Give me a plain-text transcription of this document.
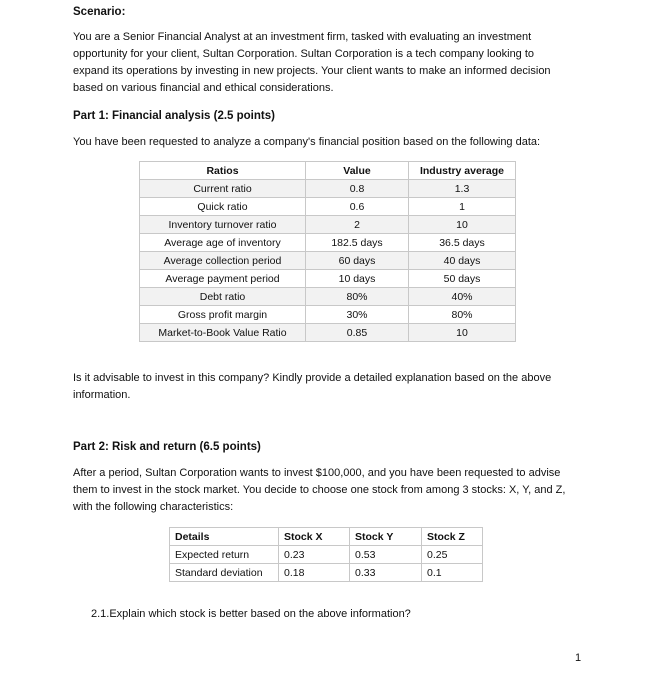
Scenario:
You are a Senior Financial Analyst at an investment firm, tasked with evaluating an investment
opportunity for your client, Sultan Corporation. Sultan Corporation is a tech company looking to
expand its operations by investing in new projects. Your client wants to make an informed decision
based on various financial and ethical considerations.
Part 1: Financial analysis (2.5 points)
You have been requested to analyze a company's financial position based on the following data:
Ratios	Value	Industry average
Current ratio	0.8	1.3
Quick ratio	0.6	1
Inventory turnover ratio	2	10
Average age of inventory	182.5 days	36.5 days
Average collection period	60 days	40 days
Average payment period	10 days	50 days
Debt ratio	80%	40%
Gross profit margin	30%	80%
Market-to-Book Value Ratio	0.85	10
Is it advisable to invest in this company? Kindly provide a detailed explanation based on the above
information.
Part 2: Risk and return (6.5 points)
After a period, Sultan Corporation wants to invest $100,000, and you have been requested to advise
them to invest in the stock market. You decide to choose one stock from among 3 stocks: X, Y, and Z,
with the following characteristics:
Details	Stock X	Stock Y	Stock Z
Expected return	0.23	0.53	0.25
Standard deviation	0.18	0.33	0.1
2.1.Explain which stock is better based on the above information?
1
